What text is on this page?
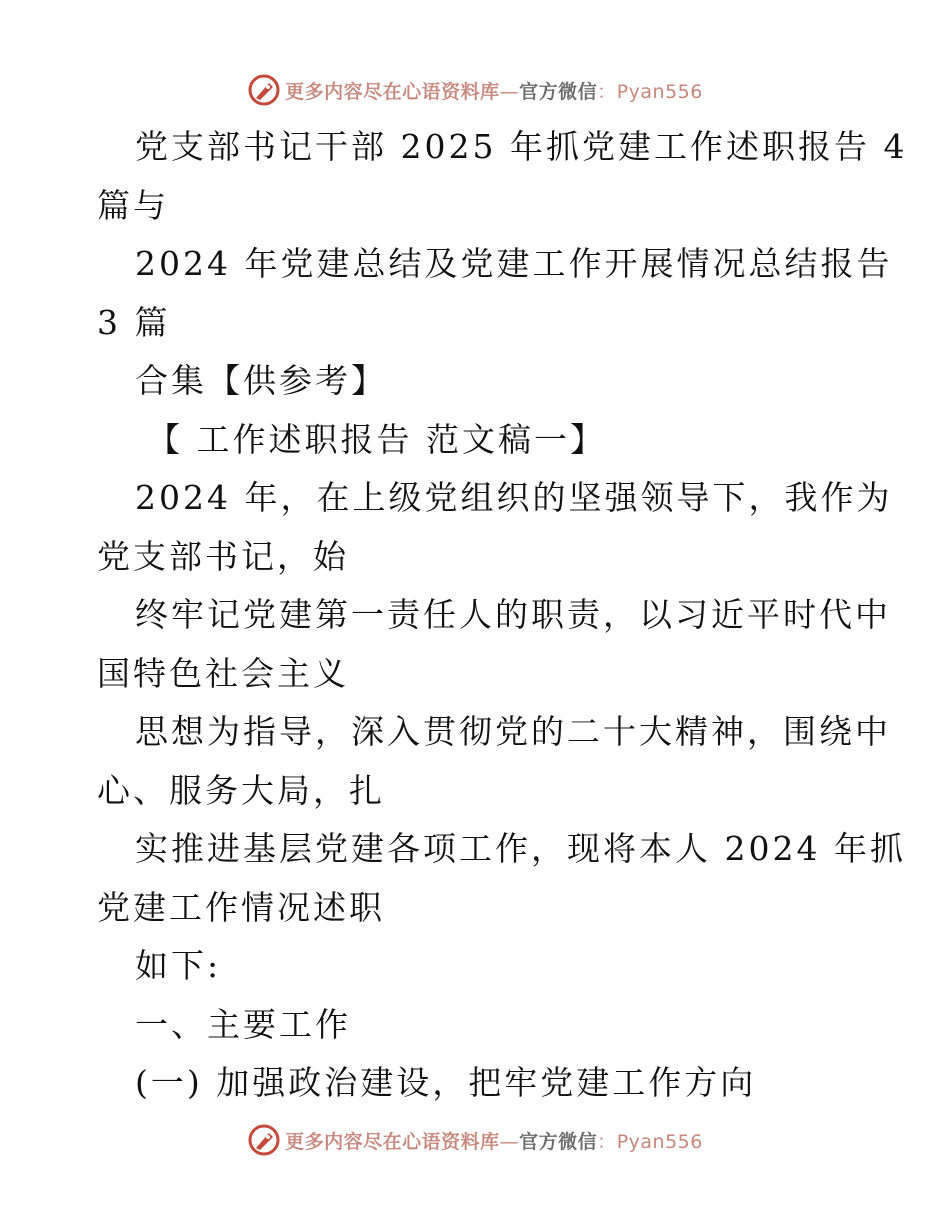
更多内容尽在心语资料库—官方微信：Pyan556
党支部书记干部 2025 年抓党建工作述职报告 4
篇与
2024 年党建总结及党建工作开展情况总结报告
3 篇
合集【供参考】
【 工作述职报告 范文稿一】
2024 年，在上级党组织的坚强领导下，我作为
党支部书记，始
终牢记党建第一责任人的职责，以习近平时代中
国特色社会主义
思想为指导，深入贯彻党的二十大精神，围绕中
心、服务大局，扎
实推进基层党建各项工作，现将本人 2024 年抓
党建工作情况述职
如下:
一、主要工作
(一) 加强政治建设，把牢党建工作方向
更多内容尽在心语资料库—官方微信：Pyan556
